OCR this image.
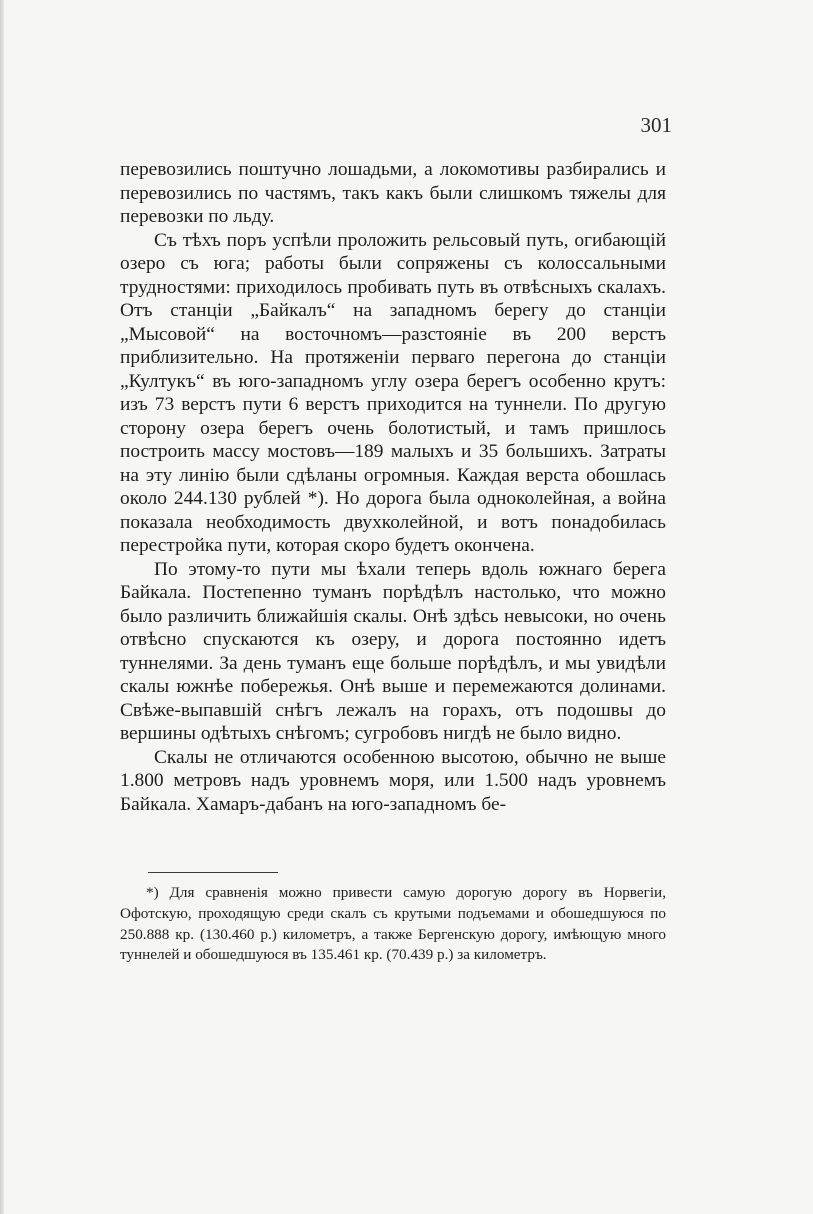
301

перевозились поштучно лошадьми, а локомотивы разбирались и перевозились по частямъ, такъ какъ были слишкомъ тяжелы для перевозки по льду.

Съ тѣхъ поръ успѣли проложить рельсовый путь, огибающій озеро съ юга; работы были сопряжены съ колоссальными трудностями: приходилось пробивать путь въ отвѣсныхъ скалахъ. Отъ станціи „Байкалъ“ на западномъ берегу до станціи „Мысовой“ на восточномъ—разстояніе въ 200 верстъ приблизительно. На протяженіи перваго перегона до станціи „Култукъ“ въ юго-западномъ углу озера берегъ особенно крутъ: изъ 73 верстъ пути 6 верстъ приходится на туннели. По другую сторону озера берегъ очень болотистый, и тамъ пришлось построить массу мостовъ—189 малыхъ и 35 большихъ. Затраты на эту линію были сдѣланы огромныя. Каждая верста обошлась около 244.130 рублей *). Но дорога была одноколейная, а война показала необходимость двухколейной, и вотъ понадобилась перестройка пути, которая скоро будетъ окончена.

По этому-то пути мы ѣхали теперь вдоль южнаго берега Байкала. Постепенно туманъ порѣдѣлъ настолько, что можно было различить ближайшія скалы. Онѣ здѣсь невысоки, но очень отвѣсно спускаются къ озеру, и дорога постоянно идетъ туннелями. За день туманъ еще больше порѣдѣлъ, и мы увидѣли скалы южнѣе побережья. Онѣ выше и перемежаются долинами. Свѣже-выпавшій снѣгъ лежалъ на горахъ, отъ подошвы до вершины одѣтыхъ снѣгомъ; сугробовъ нигдѣ не было видно.

Скалы не отличаются особенною высотою, обычно не выше 1.800 метровъ надъ уровнемъ моря, или 1.500 надъ уровнемъ Байкала. Хамаръ-дабанъ на юго-западномъ бе-

*) Для сравненія можно привести самую дорогую дорогу въ Норвегіи, Офотскую, проходящую среди скалъ съ крутыми подъемами и обошедшуюся по 250.888 кр. (130.460 р.) километръ, а также Бергенскую дорогу, имѣющую много туннелей и обошедшуюся въ 135.461 кр. (70.439 р.) за километръ.
